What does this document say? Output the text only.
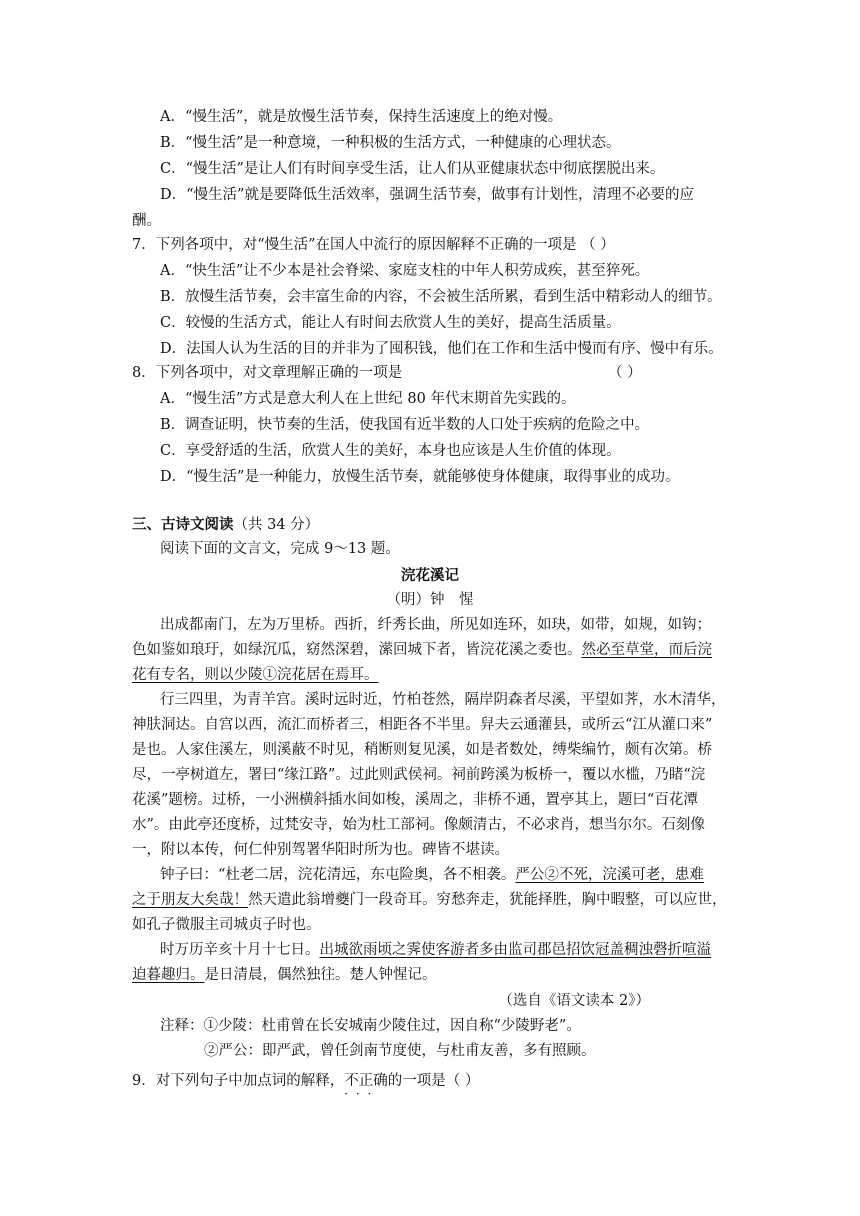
A．“慢生活”，就是放慢生活节奏，保持生活速度上的绝对慢。
B．“慢生活”是一种意境，一种积极的生活方式，一种健康的心理状态。
C．“慢生活”是让人们有时间享受生活，让人们从亚健康状态中彻底摆脱出来。
D．“慢生活”就是要降低生活效率，强调生活节奏，做事有计划性，清理不必要的应
酬。
7．下列各项中，对“慢生活”在国人中流行的原因解释不正确的一项是 （ ）
A．“快生活”让不少本是社会脊梁、家庭支柱的中年人积劳成疾，甚至猝死。
B．放慢生活节奏，会丰富生命的内容，不会被生活所累，看到生活中精彩动人的细节。
C．较慢的生活方式，能让人有时间去欣赏人生的美好，提高生活质量。
D．法国人认为生活的目的并非为了囤积钱，他们在工作和生活中慢而有序、慢中有乐。
8．下列各项中，对文章理解正确的一项是	（ ）
A．“慢生活”方式是意大利人在上世纪 80 年代末期首先实践的。
B．调查证明，快节奏的生活，使我国有近半数的人口处于疾病的危险之中。
C．享受舒适的生活，欣赏人生的美好，本身也应该是人生价值的体现。
D．“慢生活”是一种能力，放慢生活节奏，就能够使身体健康，取得事业的成功。
三、古诗文阅读（共 34 分）
阅读下面的文言文，完成 9～13 题。
浣花溪记
（明）钟　惺
出成都南门，左为万里桥。西折，纤秀长曲，所见如连环，如玦，如带，如规，如钩；
色如鉴如琅玗，如绿沉瓜，窈然深碧，潆回城下者，皆浣花溪之委也。然必至草堂，而后浣
花有专名，则以少陵①浣花居在焉耳。
行三四里，为青羊宫。溪时远时近，竹柏苍然，隔岸阴森者尽溪，平望如荠，水木清华，
神肤洞达。自宫以西，流汇而桥者三，相距各不半里。舁夫云通灌县，或所云“江从灌口来”
是也。人家住溪左，则溪蔽不时见，稍断则复见溪，如是者数处，缚柴编竹，颇有次第。桥
尽，一亭树道左，署曰“缘江路”。过此则武侯祠。祠前跨溪为板桥一，覆以水槛，乃睹“浣
花溪”题榜。过桥，一小洲横斜插水间如梭，溪周之，非桥不通，置亭其上，题曰“百花潭
水”。由此亭还度桥，过梵安寺，始为杜工部祠。像颇清古，不必求肖，想当尔尔。石刻像
一，附以本传，何仁仲别驾署华阳时所为也。碑皆不堪读。
钟子曰：“杜老二居，浣花清远，东屯险奥，各不相袭。严公②不死，浣溪可老，患难
之于朋友大矣哉！然天遣此翁增夔门一段奇耳。穷愁奔走，犹能择胜，胸中暇整，可以应世，
如孔子微服主司城贞子时也。
时万历辛亥十月十七日。出城欲雨顷之霁使客游者多由监司郡邑招饮冠盖稠浊磬折喧溢
迫暮趣归。是日清晨，偶然独往。楚人钟惺记。
（选自《语文读本 2》）
注释：①少陵：杜甫曾在长安城南少陵住过，因自称“少陵野老”。
②严公：即严武，曾任剑南节度使，与杜甫友善，多有照顾。
9．对下列句子中加点词的解释，不正确 · · ·的一项是（ ）
